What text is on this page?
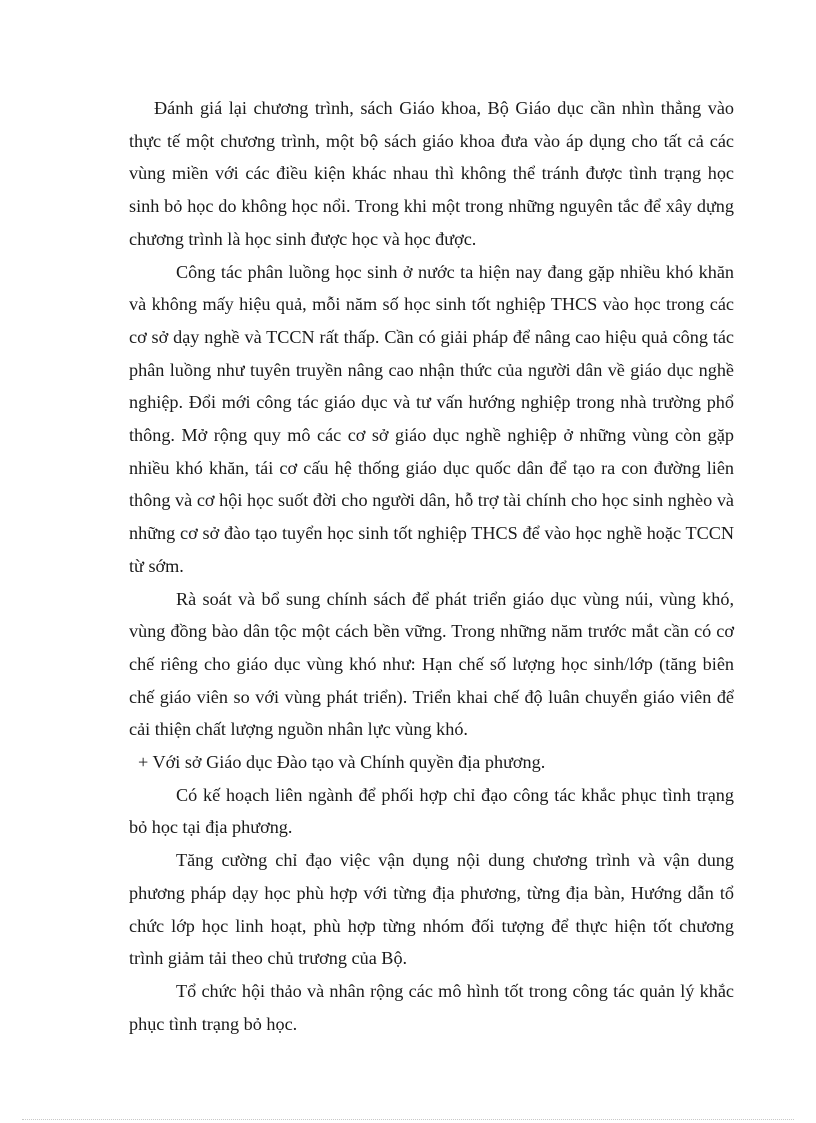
Đánh giá lại chương trình, sách Giáo khoa, Bộ Giáo dục cần nhìn thẳng vào thực tế một chương trình, một bộ sách giáo khoa đưa vào áp dụng cho tất cả các vùng miền với các điều kiện khác nhau thì không thể tránh được tình trạng học sinh bỏ học do không học nổi. Trong khi một trong những nguyên tắc để xây dựng chương trình là học sinh được học và học được.

Công tác phân luồng học sinh ở nước ta hiện nay đang gặp nhiều khó khăn và không mấy hiệu quả, mỗi năm số học sinh tốt nghiệp THCS vào học trong các cơ sở dạy nghề và TCCN rất thấp. Cần có giải pháp để nâng cao hiệu quả công tác phân luồng như tuyên truyền nâng cao nhận thức của người dân về giáo dục nghề nghiệp. Đổi mới công tác giáo dục và tư vấn hướng nghiệp trong nhà trường phổ thông. Mở rộng quy mô các cơ sở giáo dục nghề nghiệp ở những vùng còn gặp nhiều khó khăn, tái cơ cấu hệ thống giáo dục quốc dân để tạo ra con đường liên thông và cơ hội học suốt đời cho người dân, hỗ trợ tài chính cho học sinh nghèo và những cơ sở đào tạo tuyển học sinh tốt nghiệp THCS để vào học nghề hoặc TCCN từ sớm.

Rà soát và bổ sung chính sách để phát triển giáo dục vùng núi, vùng khó, vùng đồng bào dân tộc một cách bền vững. Trong những năm trước mắt cần có cơ chế riêng cho giáo dục vùng khó như: Hạn chế số lượng học sinh/lớp (tăng biên chế giáo viên so với vùng phát triển). Triển khai chế độ luân chuyển giáo viên để cải thiện chất lượng nguồn nhân lực vùng khó.

+ Với sở Giáo dục Đào tạo và Chính quyền địa phương.

Có kế hoạch liên ngành để phối hợp chỉ đạo công tác khắc phục tình trạng bỏ học tại địa phương.

Tăng cường chỉ đạo việc vận dụng nội dung chương trình và vận dung phương pháp dạy học phù hợp với từng địa phương, từng địa bàn, Hướng dẫn tổ chức lớp học linh hoạt, phù hợp từng nhóm đối tượng để thực hiện tốt chương trình giảm tải theo chủ trương của Bộ.

Tổ chức hội thảo và nhân rộng các mô hình tốt trong công tác quản lý khắc phục tình trạng bỏ học.
